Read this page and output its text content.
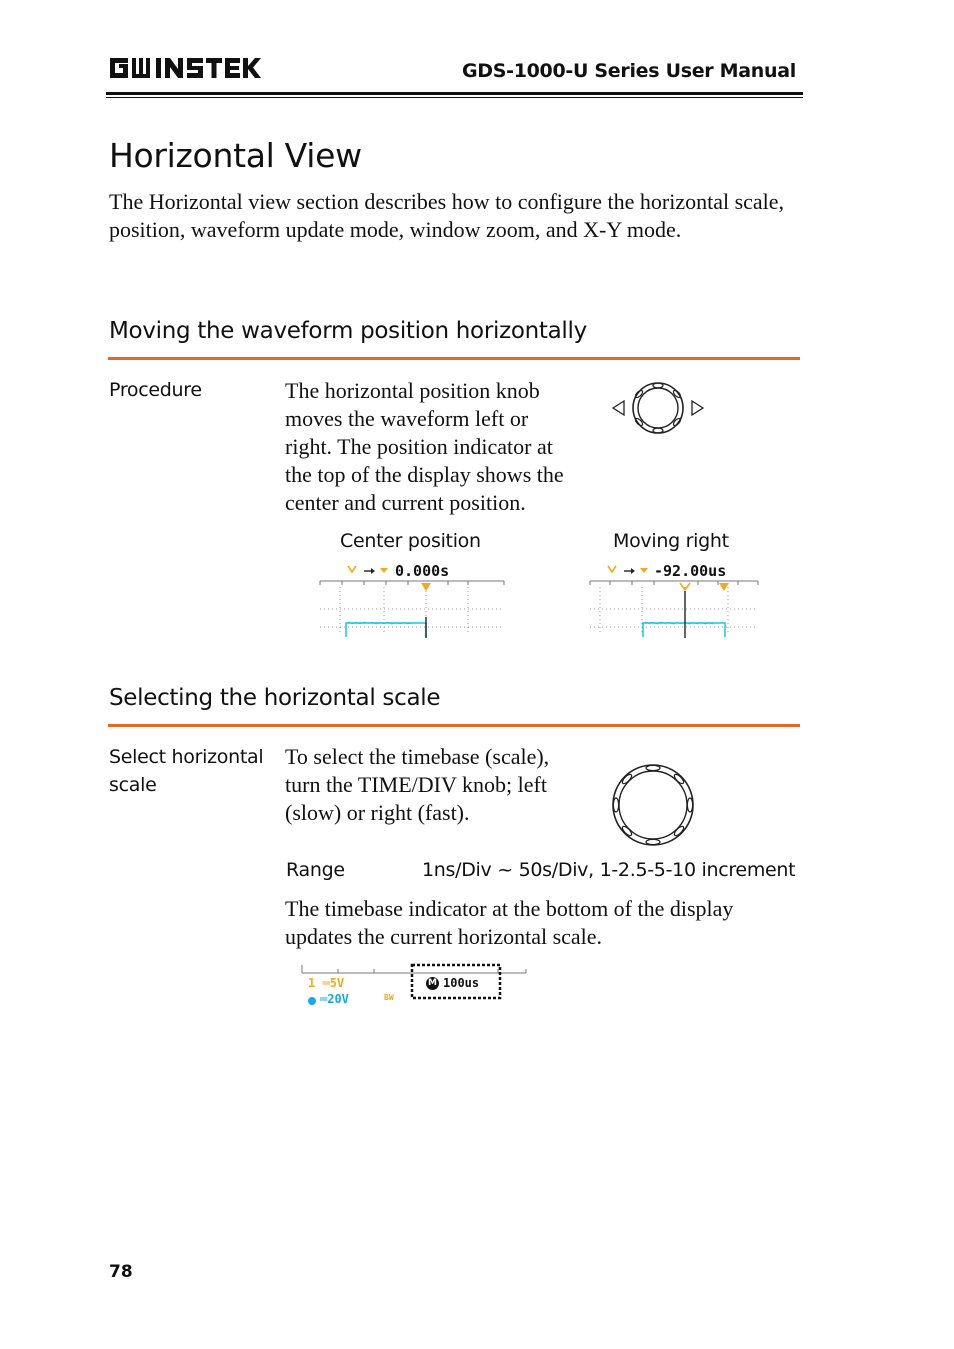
GDS-1000-U Series User Manual
Horizontal View
The Horizontal view section describes how to configure the horizontal scale, position, waveform update mode, window zoom, and X-Y mode.
Moving the waveform position horizontally
Procedure	The horizontal position knob
moves the waveform left or
right. The position indicator at
the top of the display shows the
center and current position.
Center position	Moving right
0.000s	-92.00us
Selecting the horizontal scale
Select horizontal
scale
To select the timebase (scale),
turn the TIME/DIV knob; left
(slow) or right (fast).
Range	1ns/Div ~ 50s/Div, 1-2.5-5-10 increment
The timebase indicator at the bottom of the display
updates the current horizontal scale.
1 ═5V
═20V	BW
M 100us
78
